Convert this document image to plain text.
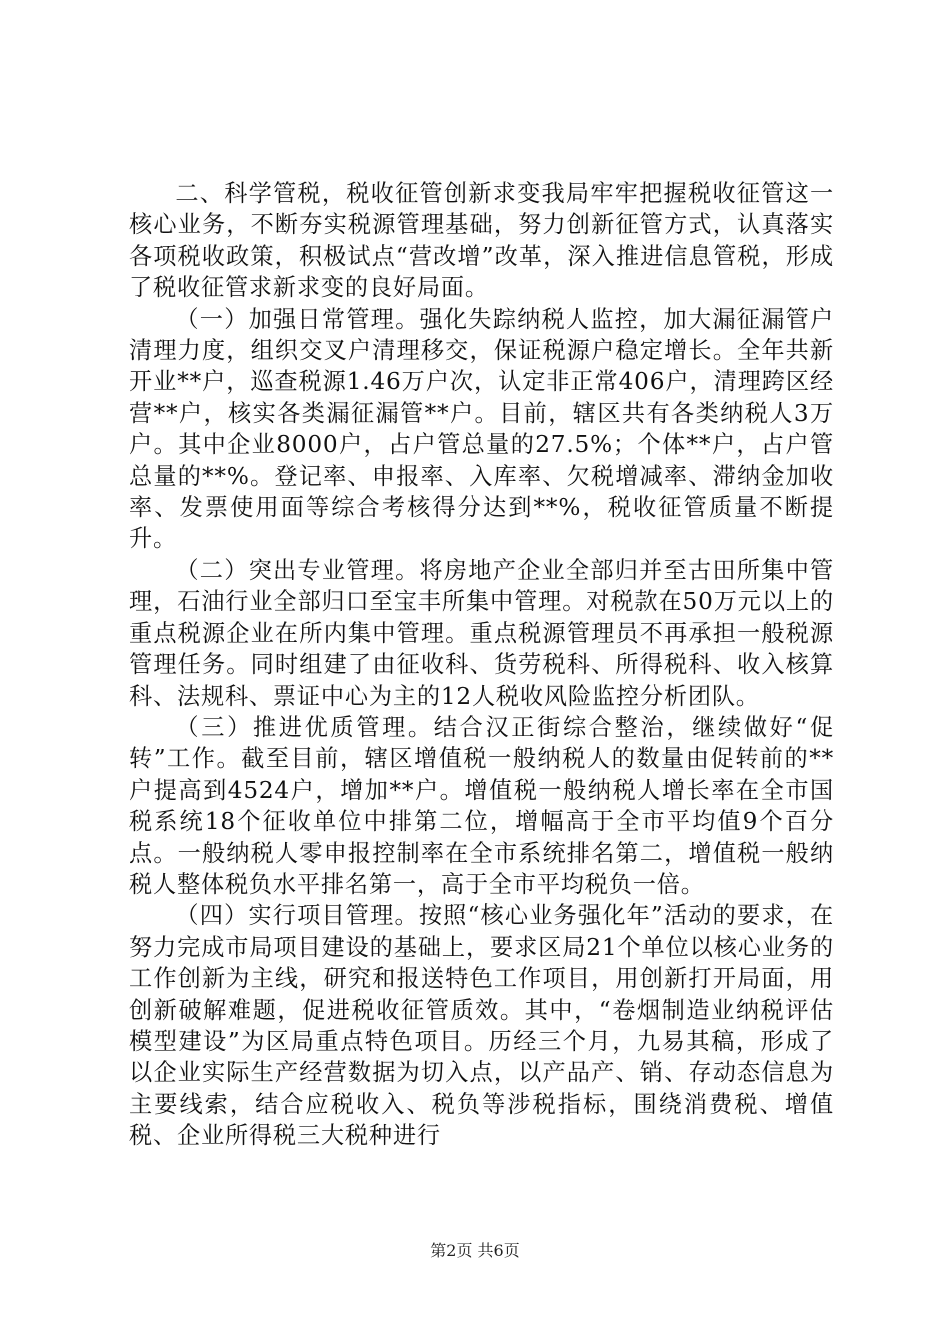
二、科学管税，税收征管创新求变我局牢牢把握税收征管这一核心业务，不断夯实税源管理基础，努力创新征管方式，认真落实各项税收政策，积极试点“营改增”改革，深入推进信息管税，形成了税收征管求新求变的良好局面。

（一）加强日常管理。强化失踪纳税人监控，加大漏征漏管户清理力度，组织交叉户清理移交，保证税源户稳定增长。全年共新开业**户，巡查税源1.46万户次，认定非正常406户，清理跨区经营**户，核实各类漏征漏管**户。目前，辖区共有各类纳税人3万户。其中企业8000户，占户管总量的27.5%；个体**户，占户管总量的**%。登记率、申报率、入库率、欠税增减率、滞纳金加收率、发票使用面等综合考核得分达到**%，税收征管质量不断提升。

（二）突出专业管理。将房地产企业全部归并至古田所集中管理，石油行业全部归口至宝丰所集中管理。对税款在50万元以上的重点税源企业在所内集中管理。重点税源管理员不再承担一般税源管理任务。同时组建了由征收科、货劳税科、所得税科、收入核算科、法规科、票证中心为主的12人税收风险监控分析团队。

（三）推进优质管理。结合汉正街综合整治，继续做好“促转”工作。截至目前，辖区增值税一般纳税人的数量由促转前的**户提高到4524户，增加**户。增值税一般纳税人增长率在全市国税系统18个征收单位中排第二位，增幅高于全市平均值9个百分点。一般纳税人零申报控制率在全市系统排名第二，增值税一般纳税人整体税负水平排名第一，高于全市平均税负一倍。

（四）实行项目管理。按照“核心业务强化年”活动的要求，在努力完成市局项目建设的基础上，要求区局21个单位以核心业务的工作创新为主线，研究和报送特色工作项目，用创新打开局面，用创新破解难题，促进税收征管质效。其中，“卷烟制造业纳税评估模型建设”为区局重点特色项目。历经三个月，九易其稿，形成了以企业实际生产经营数据为切入点，以产品产、销、存动态信息为主要线索，结合应税收入、税负等涉税指标，围绕消费税、增值税、企业所得税三大税种进行

第2页 共6页
